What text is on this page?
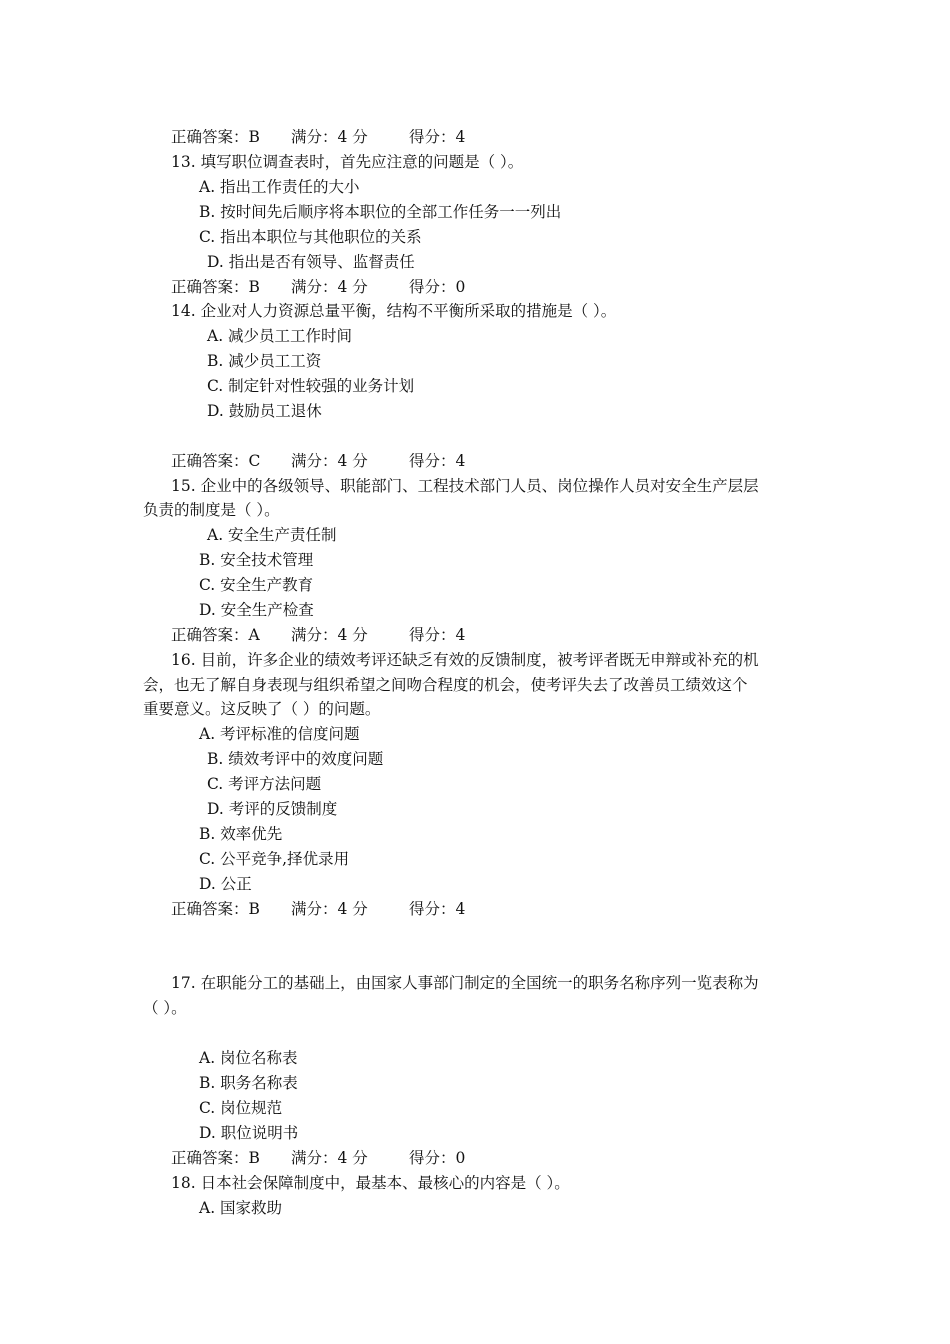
正确答案：B 满分：4 分	得分：4
13. 填写职位调查表时，首先应注意的问题是（ ）。
A. 指出工作责任的大小
B. 按时间先后顺序将本职位的全部工作任务一一列出
C. 指出本职位与其他职位的关系
D. 指出是否有领导、监督责任
正确答案：B 满分：4 分	得分：0
14. 企业对人力资源总量平衡，结构不平衡所采取的措施是（ ）。
A. 减少员工工作时间
B. 减少员工工资
C. 制定针对性较强的业务计划
D. 鼓励员工退休
正确答案：C 满分：4 分	得分：4
15. 企业中的各级领导、职能部门、工程技术部门人员、岗位操作人员对安全生产层层
负责的制度是（ ）。
A. 安全生产责任制
B. 安全技术管理
C. 安全生产教育
D. 安全生产检查
正确答案：A 满分：4 分	得分：4
16. 目前，许多企业的绩效考评还缺乏有效的反馈制度，被考评者既无申辩或补充的机
会，也无了解自身表现与组织希望之间吻合程度的机会，使考评失去了改善员工绩效这个
重要意义。这反映了（ ）的问题。
A. 考评标准的信度问题
B. 绩效考评中的效度问题
C. 考评方法问题
D. 考评的反馈制度
B. 效率优先
C. 公平竞争,择优录用
D. 公正
正确答案：B 满分：4 分	得分：4
17. 在职能分工的基础上，由国家人事部门制定的全国统一的职务名称序列一览表称为
（ ）。
A. 岗位名称表
B. 职务名称表
C. 岗位规范
D. 职位说明书
正确答案：B 满分：4 分	得分：0
18. 日本社会保障制度中，最基本、最核心的内容是（ ）。
A. 国家救助
